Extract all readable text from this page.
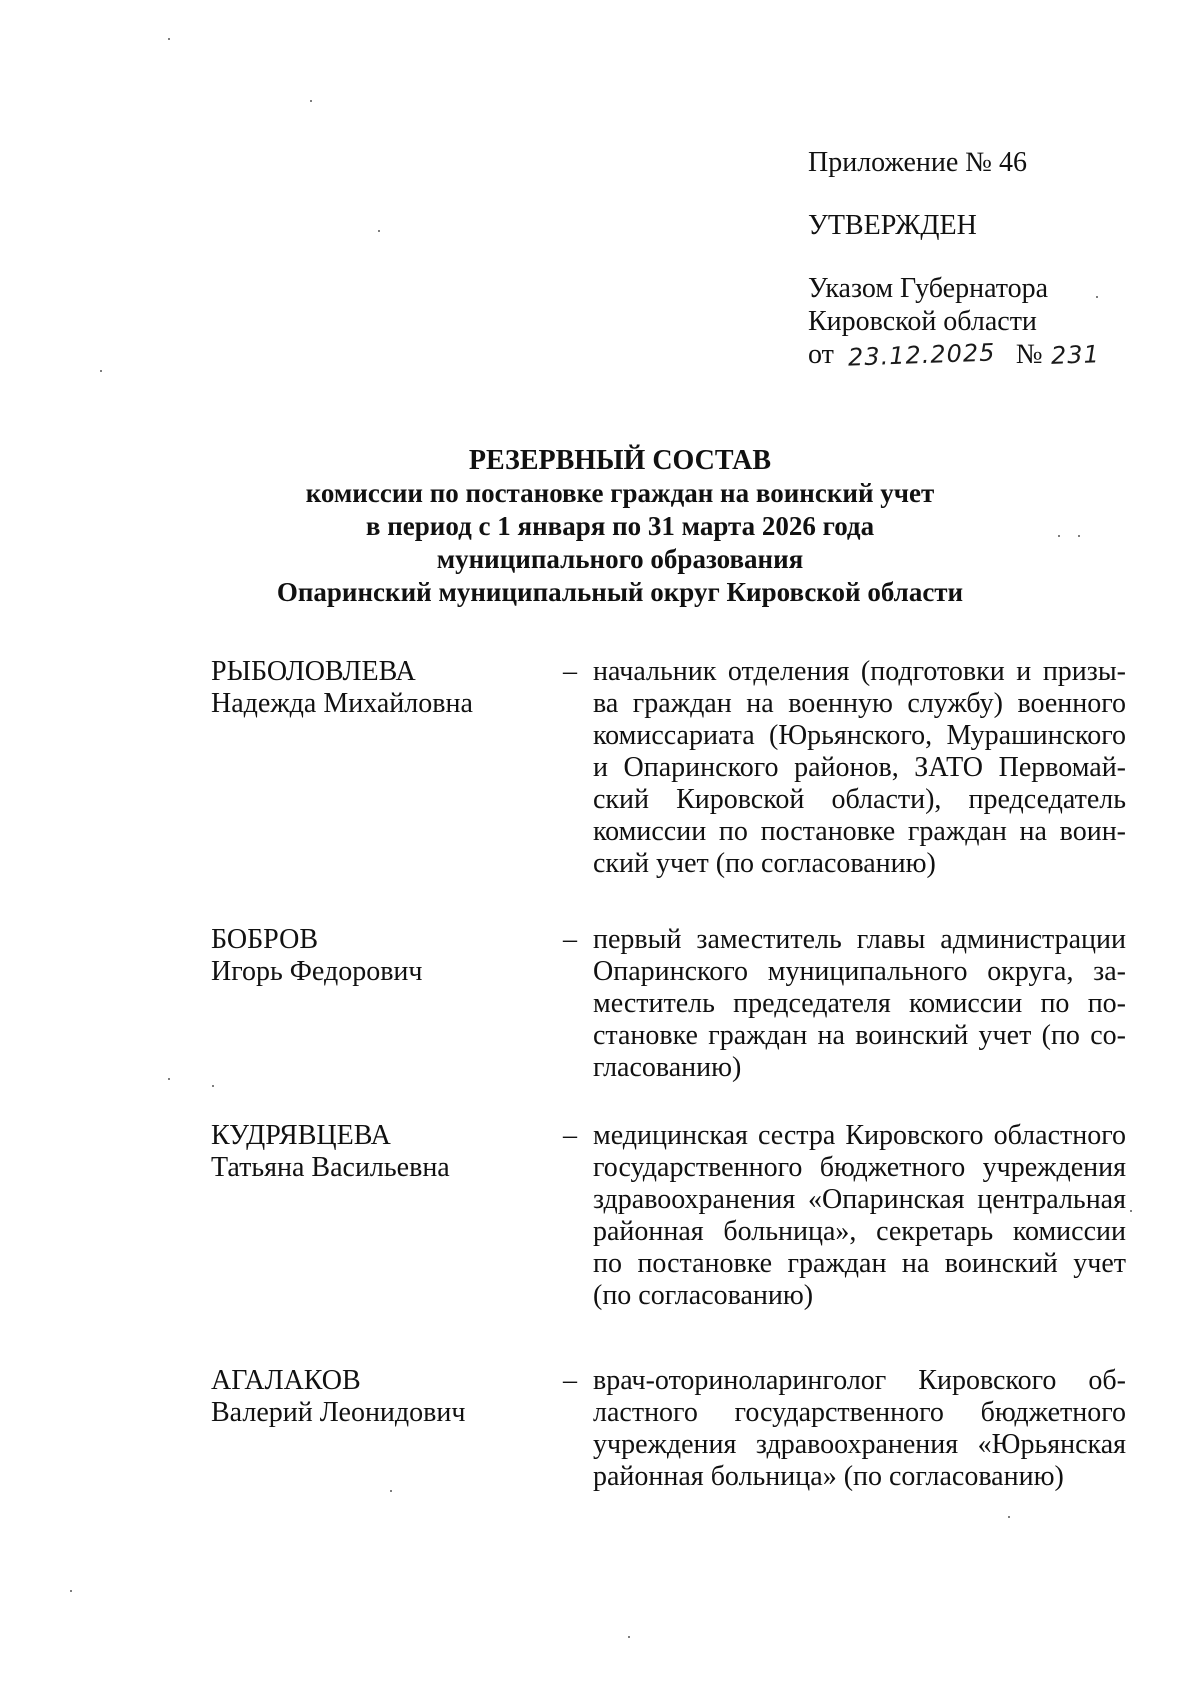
Приложение № 46

УТВЕРЖДЕН

Указом Губернатора

Кировской области

от 23.12.2025 № 231

РЕЗЕРВНЫЙ СОСТАВ
комиссии по постановке граждан на воинский учет
в период с 1 января по 31 марта 2026 года
муниципального образования
Опаринский муниципальный округ Кировской области
РЫБОЛОВЛЕВА
Надежда Михайловна
– начальник отделения (подготовки и призы-
ва граждан на военную службу) военного
комиссариата (Юрьянского, Мурашинского
и Опаринского районов, ЗАТО Первомай-
ский Кировской области), председатель
комиссии по постановке граждан на воин-
ский учет (по согласованию)
БОБРОВ
Игорь Федорович
– первый заместитель главы администрации
Опаринского муниципального округа, за-
меститель председателя комиссии по по-
становке граждан на воинский учет (по со-
гласованию)
КУДРЯВЦЕВА
Татьяна Васильевна
– медицинская сестра Кировского областного
государственного бюджетного учреждения
здравоохранения «Опаринская центральная
районная больница», секретарь комиссии
по постановке граждан на воинский учет
(по согласованию)
АГАЛАКОВ
Валерий Леонидович
– врач-оториноларинголог Кировского об-
ластного государственного бюджетного
учреждения здравоохранения «Юрьянская
районная больница» (по согласованию)
